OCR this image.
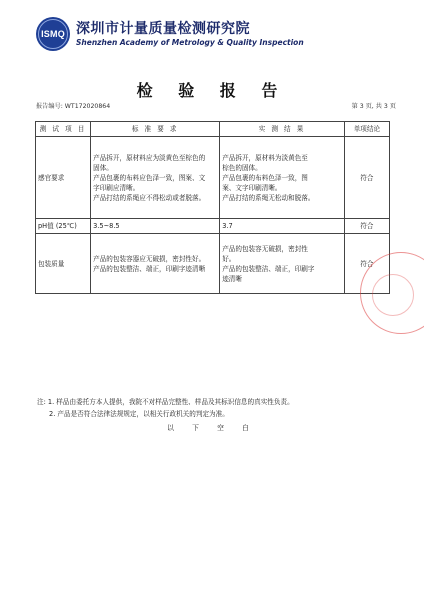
ISMQ 深圳市计量质量检测研究院
Shenzhen Academy of Metrology & Quality Inspection
检 验 报 告
报告编号: WT172020864	第 3 页, 共 3 页
测 试 项 目	标 准 要 求	实 测 结 果	单项结论
感官要求	产品拆开，原材料应为淡黄色至棕色的
固体。
产品包裹的布料应色泽一致，图案、文
字印刷应清晰。
产品打结的系绳应不得松动或者脱落。	产品拆开，原材料为淡黄色至
棕色的固体。
产品包裹的布料色泽一致，图
案、文字印刷清晰。
产品打结的系绳无松动和脱落。	符合
pH值 (25℃)	3.5~8.5	3.7	符合
包装质量	产品的包装容器应无破损，密封性好。
产品的包装整洁、端正，印刷字迹清晰	产品的包装容无破损，密封性
好。
产品的包装整洁、端正，印刷字
迹清晰	符合
注: 1. 样品由委托方本人提供，我院不对样品完整性、样品及其标识信息的真实性负责。
2. 产品是否符合法律法规规定，以相关行政机关的判定为准。
以 下 空 白
